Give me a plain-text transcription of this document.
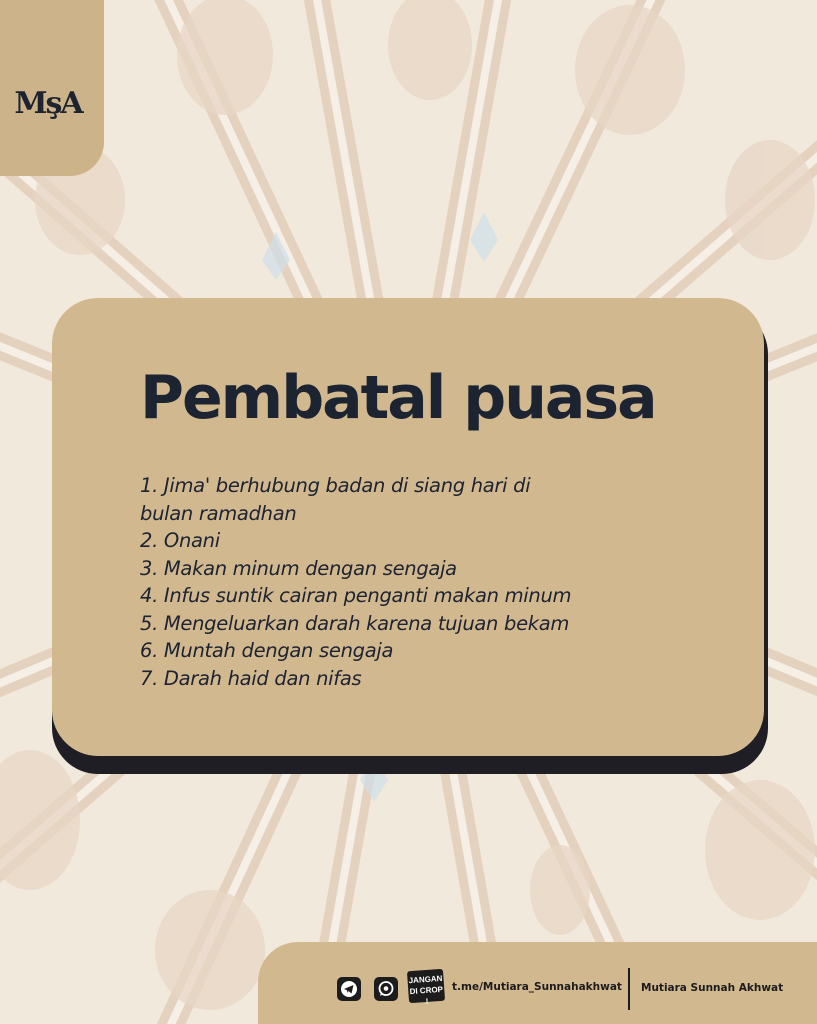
MşA
Pembatal puasa
1. Jima' berhubung badan di siang hari di
bulan ramadhan
2. Onani
3. Makan minum dengan sengaja
4. Infus suntik cairan penganti makan minum
5. Mengeluarkan darah karena tujuan bekam
6. Muntah dengan sengaja
7. Darah haid dan nifas
JANGAN
DI CROP !
t.me/Mutiara_Sunnahakhwat Mutiara Sunnah Akhwat
